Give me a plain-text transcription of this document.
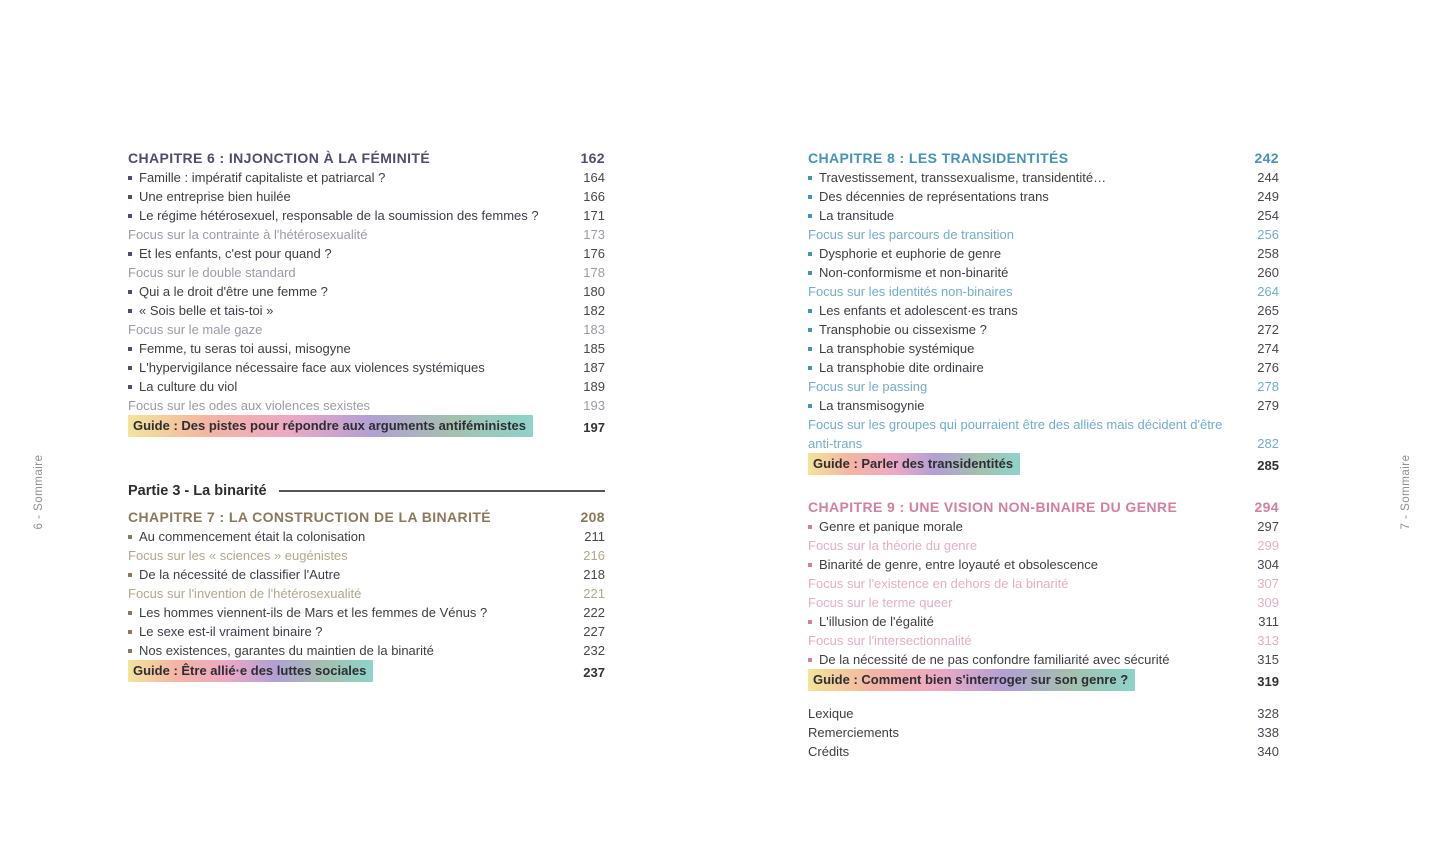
6 - Sommaire
CHAPITRE 6 : INJONCTION À LA FÉMINITÉ	162
Famille : impératif capitaliste et patriarcal ?	164
Une entreprise bien huilée	166
Le régime hétérosexuel, responsable de la soumission des femmes ?	171
Focus sur la contrainte à l'hétérosexualité	173
Et les enfants, c'est pour quand ?	176
Focus sur le double standard	178
Qui a le droit d'être une femme ?	180
« Sois belle et tais-toi »	182
Focus sur le male gaze	183
Femme, tu seras toi aussi, misogyne	185
L'hypervigilance nécessaire face aux violences systémiques	187
La culture du viol	189
Focus sur les odes aux violences sexistes	193
Guide : Des pistes pour répondre aux arguments antiféministes	197
Partie 3 - La binarité
CHAPITRE 7 : LA CONSTRUCTION DE LA BINARITÉ	208
Au commencement était la colonisation	211
Focus sur les « sciences » eugénistes	216
De la nécessité de classifier l'Autre	218
Focus sur l'invention de l'hétérosexualité	221
Les hommes viennent-ils de Mars et les femmes de Vénus ?	222
Le sexe est-il vraiment binaire ?	227
Nos existences, garantes du maintien de la binarité	232
Guide : Être allié·e des luttes sociales	237
CHAPITRE 8 : LES TRANSIDENTITÉS	242
Travestissement, transsexualisme, transidentité…	244
Des décennies de représentations trans	249
La transitude	254
Focus sur les parcours de transition	256
Dysphorie et euphorie de genre	258
Non-conformisme et non-binarité	260
Focus sur les identités non-binaires	264
Les enfants et adolescent·es trans	265
Transphobie ou cissexisme ?	272
La transphobie systémique	274
La transphobie dite ordinaire	276
Focus sur le passing	278
La transmisogynie	279
Focus sur les groupes qui pourraient être des alliés mais décident d'être anti-trans	282
Guide : Parler des transidentités	285
CHAPITRE 9 : UNE VISION NON-BINAIRE DU GENRE	294
Genre et panique morale	297
Focus sur la théorie du genre	299
Binarité de genre, entre loyauté et obsolescence	304
Focus sur l'existence en dehors de la binarité	307
Focus sur le terme queer	309
L'illusion de l'égalité	311
Focus sur l'intersectionnalité	313
De la nécessité de ne pas confondre familiarité avec sécurité	315
Guide : Comment bien s'interroger sur son genre ?	319
Lexique	328
Remerciements	338
Crédits	340
7 - Sommaire
